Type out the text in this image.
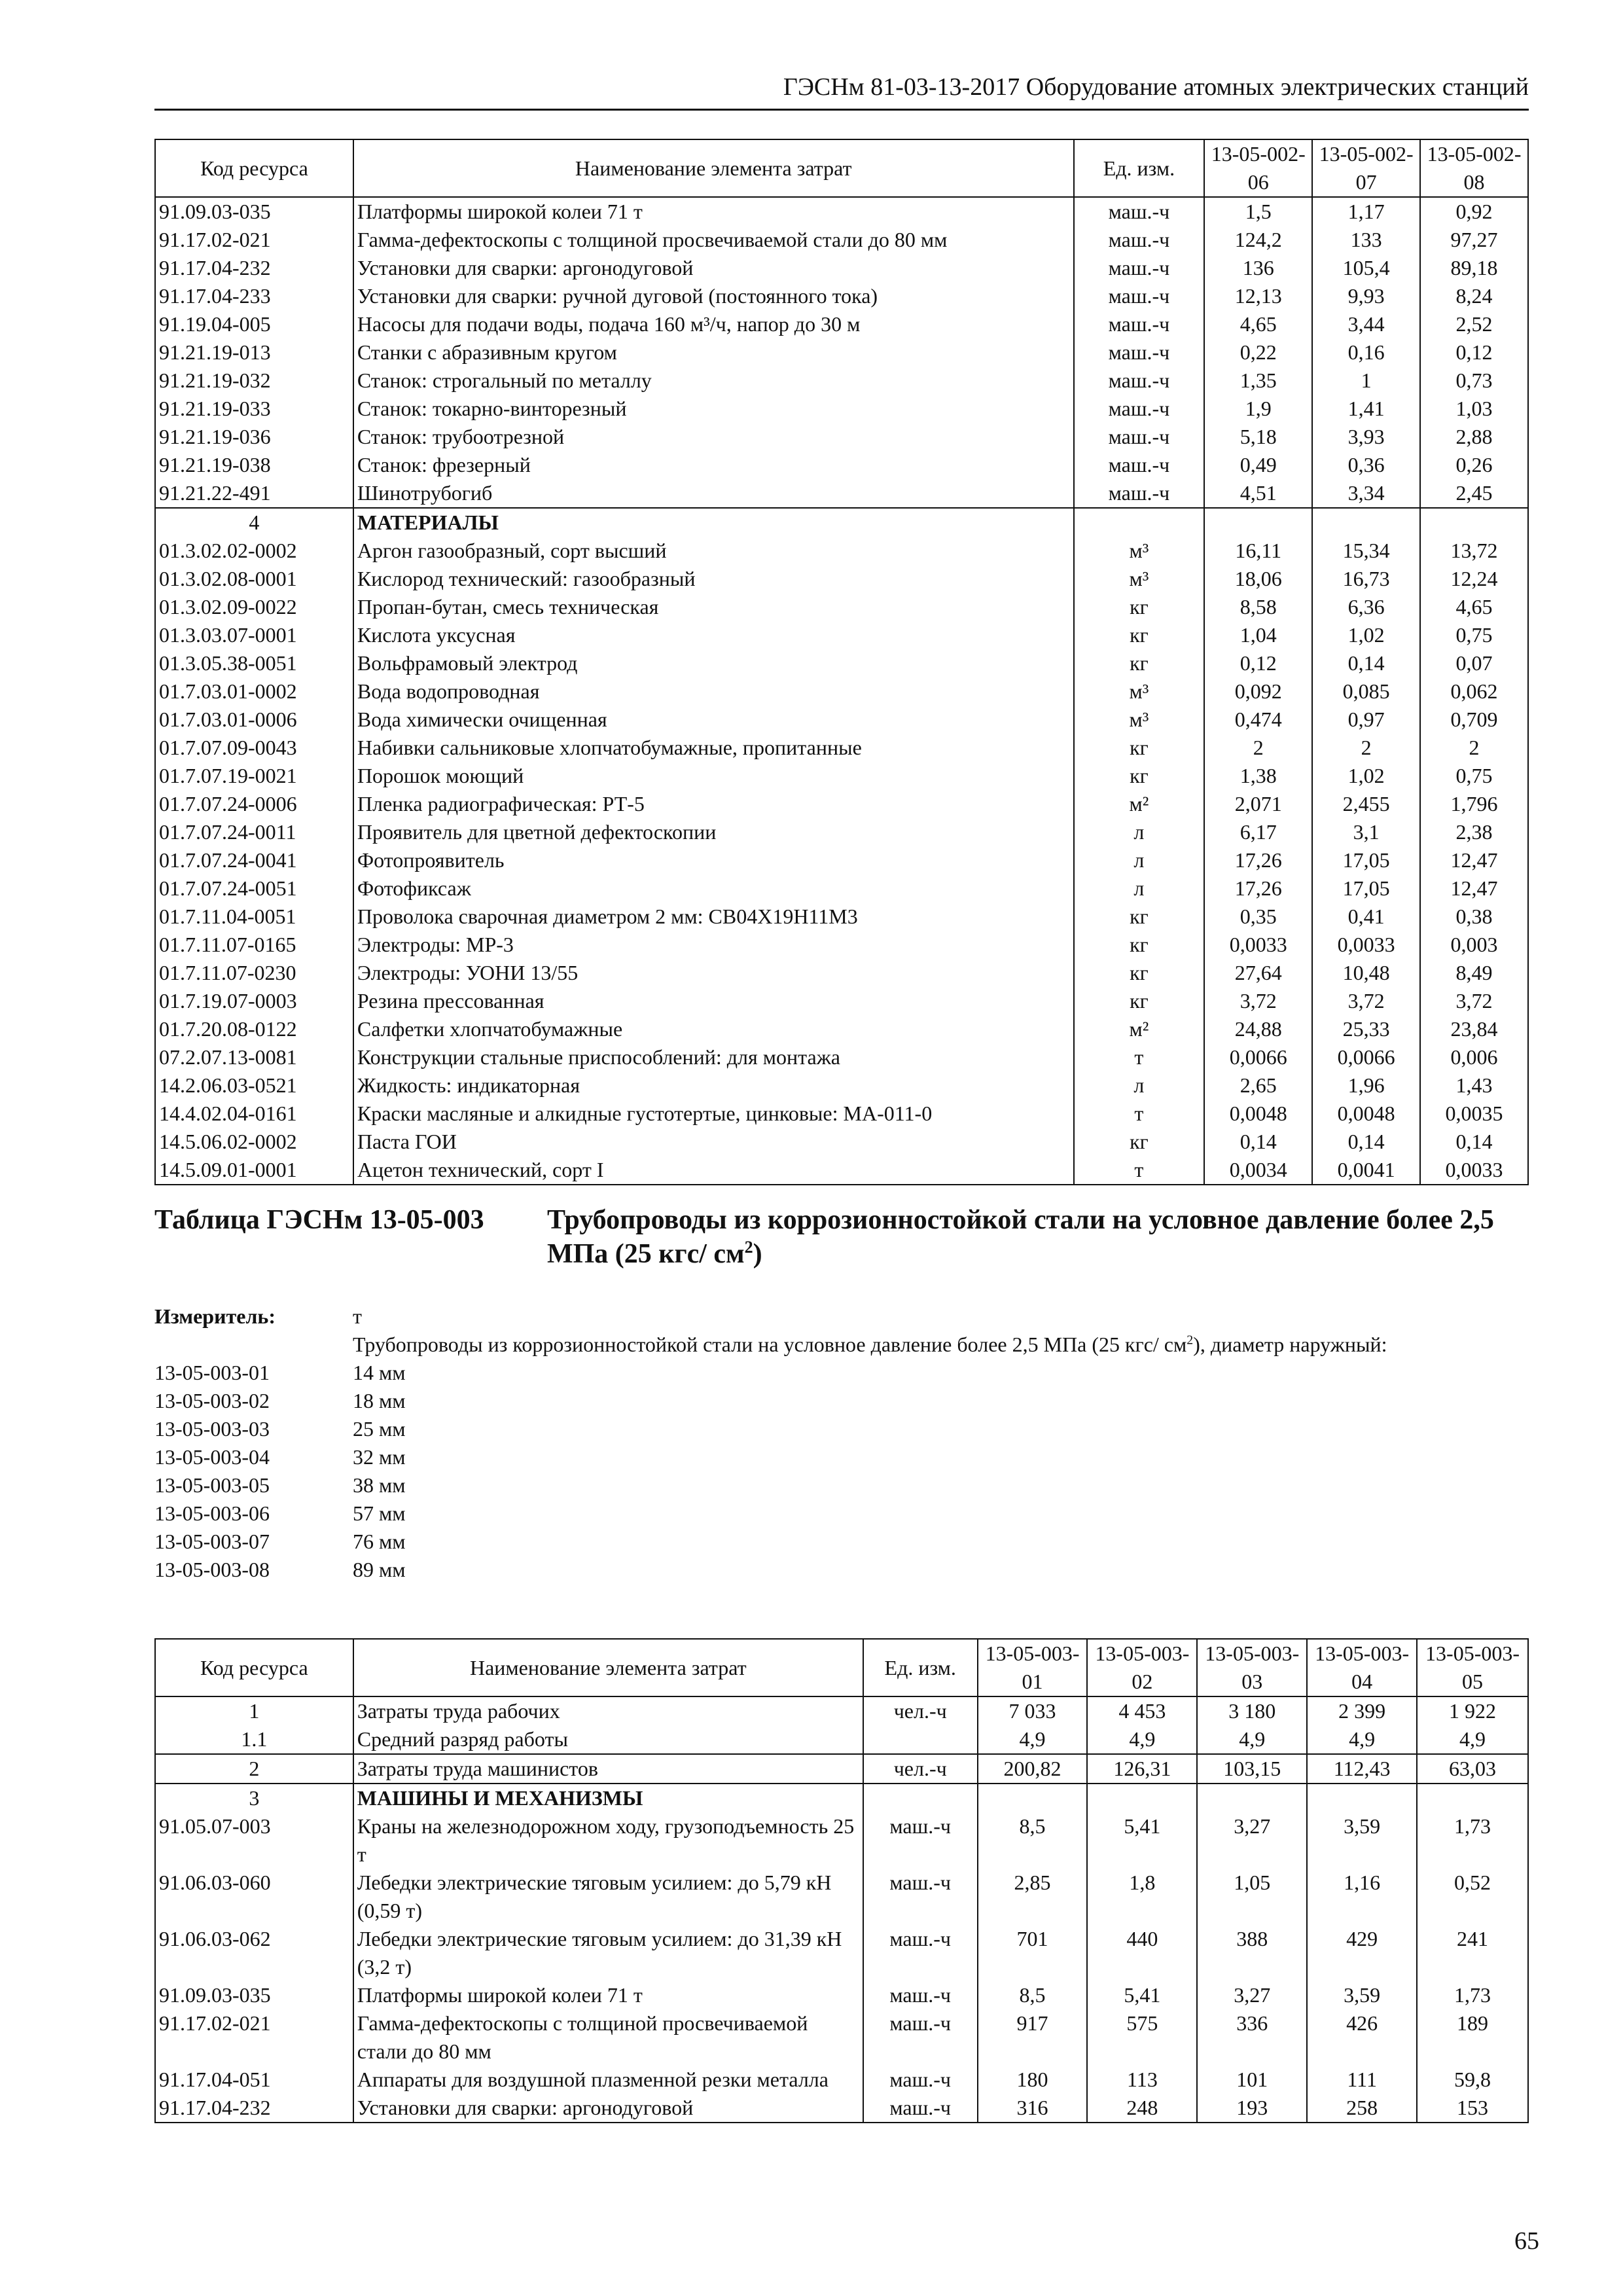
ГЭСНм 81-03-13-2017 Оборудование атомных электрических станций
Код ресурса	Наименование элемента затрат	Ед. изм.	13-05-002-06	13-05-002-07	13-05-002-08
91.09.03-035	Платформы широкой колеи 71 т	маш.-ч	1,5	1,17	0,92
91.17.02-021	Гамма-дефектоскопы с толщиной просвечиваемой стали до 80 мм	маш.-ч	124,2	133	97,27
91.17.04-232	Установки для сварки: аргонодуговой	маш.-ч	136	105,4	89,18
91.17.04-233	Установки для сварки: ручной дуговой (постоянного тока)	маш.-ч	12,13	9,93	8,24
91.19.04-005	Насосы для подачи воды, подача 160 м³/ч, напор до 30 м	маш.-ч	4,65	3,44	2,52
91.21.19-013	Станки с абразивным кругом	маш.-ч	0,22	0,16	0,12
91.21.19-032	Станок: строгальный по металлу	маш.-ч	1,35	1	0,73
91.21.19-033	Станок: токарно-винторезный	маш.-ч	1,9	1,41	1,03
91.21.19-036	Станок: трубоотрезной	маш.-ч	5,18	3,93	2,88
91.21.19-038	Станок: фрезерный	маш.-ч	0,49	0,36	0,26
91.21.22-491	Шинотрубогиб	маш.-ч	4,51	3,34	2,45
4	МАТЕРИАЛЫ				
01.3.02.02-0002	Аргон газообразный, сорт высший	м³	16,11	15,34	13,72
01.3.02.08-0001	Кислород технический: газообразный	м³	18,06	16,73	12,24
01.3.02.09-0022	Пропан-бутан, смесь техническая	кг	8,58	6,36	4,65
01.3.03.07-0001	Кислота уксусная	кг	1,04	1,02	0,75
01.3.05.38-0051	Вольфрамовый электрод	кг	0,12	0,14	0,07
01.7.03.01-0002	Вода водопроводная	м³	0,092	0,085	0,062
01.7.03.01-0006	Вода химически очищенная	м³	0,474	0,97	0,709
01.7.07.09-0043	Набивки сальниковые хлопчатобумажные, пропитанные	кг	2	2	2
01.7.07.19-0021	Порошок моющий	кг	1,38	1,02	0,75
01.7.07.24-0006	Пленка радиографическая: РТ-5	м²	2,071	2,455	1,796
01.7.07.24-0011	Проявитель для цветной дефектоскопии	л	6,17	3,1	2,38
01.7.07.24-0041	Фотопроявитель	л	17,26	17,05	12,47
01.7.07.24-0051	Фотофиксаж	л	17,26	17,05	12,47
01.7.11.04-0051	Проволока сварочная диаметром 2 мм: СВ04Х19Н11М3	кг	0,35	0,41	0,38
01.7.11.07-0165	Электроды: МР-3	кг	0,0033	0,0033	0,003
01.7.11.07-0230	Электроды: УОНИ 13/55	кг	27,64	10,48	8,49
01.7.19.07-0003	Резина прессованная	кг	3,72	3,72	3,72
01.7.20.08-0122	Салфетки хлопчатобумажные	м²	24,88	25,33	23,84
07.2.07.13-0081	Конструкции стальные приспособлений: для монтажа	т	0,0066	0,0066	0,006
14.2.06.03-0521	Жидкость: индикаторная	л	2,65	1,96	1,43
14.4.02.04-0161	Краски масляные и алкидные густотертые, цинковые: МА-011-0	т	0,0048	0,0048	0,0035
14.5.06.02-0002	Паста ГОИ	кг	0,14	0,14	0,14
14.5.09.01-0001	Ацетон технический, сорт I	т	0,0034	0,0041	0,0033
Таблица ГЭСНм 13-05-003 Трубопроводы из коррозионностойкой стали на условное давление более 2,5 МПа (25 кгс/ $см^2$)
Измеритель:	т
Трубопроводы из коррозионностойкой стали на условное давление более 2,5 МПа (25 кгс/ $см^2$), диаметр наружный:
13-05-003-01	14 мм
13-05-003-02	18 мм
13-05-003-03	25 мм
13-05-003-04	32 мм
13-05-003-05	38 мм
13-05-003-06	57 мм
13-05-003-07	76 мм
13-05-003-08	89 мм
Код ресурса	Наименование элемента затрат	Ед. изм.	13-05-003-01	13-05-003-02	13-05-003-03	13-05-003-04	13-05-003-05
1	Затраты труда рабочих	чел.-ч	7 033	4 453	3 180	2 399	1 922
1.1	Средний разряд работы		4,9	4,9	4,9	4,9	4,9
2	Затраты труда машинистов	чел.-ч	200,82	126,31	103,15	112,43	63,03
3	МАШИНЫ И МЕХАНИЗМЫ						
91.05.07-003	Краны на железнодорожном ходу, грузоподъемность 25 т	маш.-ч	8,5	5,41	3,27	3,59	1,73
91.06.03-060	Лебедки электрические тяговым усилием: до 5,79 кН (0,59 т)	маш.-ч	2,85	1,8	1,05	1,16	0,52
91.06.03-062	Лебедки электрические тяговым усилием: до 31,39 кН (3,2 т)	маш.-ч	701	440	388	429	241
91.09.03-035	Платформы широкой колеи 71 т	маш.-ч	8,5	5,41	3,27	3,59	1,73
91.17.02-021	Гамма-дефектоскопы с толщиной просвечиваемой стали до 80 мм	маш.-ч	917	575	336	426	189
91.17.04-051	Аппараты для воздушной плазменной резки металла	маш.-ч	180	113	101	111	59,8
91.17.04-232	Установки для сварки: аргонодуговой	маш.-ч	316	248	193	258	153
65
